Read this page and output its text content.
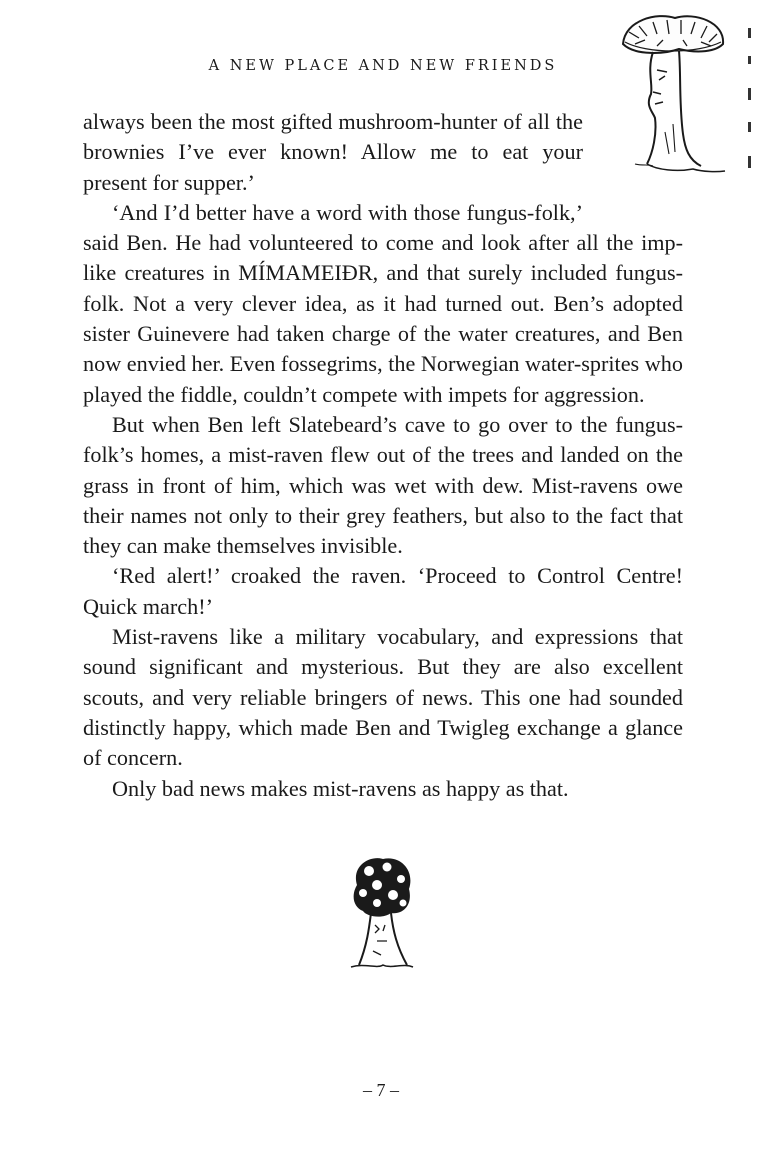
A NEW PLACE AND NEW FRIENDS

always been the most gifted mushroom-hunter of all the brownies I’ve ever known! Allow me to eat your present for supper.’

‘And I’d better have a word with those fungus-folk,’ said Ben. He had volunteered to come and look after all the imp-like creatures in MÍMAMEIÐR, and that surely included fungus-folk. Not a very clever idea, as it had turned out. Ben’s adopted sister Guinevere had taken charge of the water creatures, and Ben now envied her. Even fossegrims, the Norwegian water-sprites who played the fiddle, couldn’t compete with impets for aggression.

But when Ben left Slatebeard’s cave to go over to the fungus-folk’s homes, a mist-raven flew out of the trees and landed on the grass in front of him, which was wet with dew. Mist-ravens owe their names not only to their grey feathers, but also to the fact that they can make themselves invisible.

‘Red alert!’ croaked the raven. ‘Proceed to Control Centre! Quick march!’

Mist-ravens like a military vocabulary, and expressions that sound significant and mysterious. But they are also excellent scouts, and very reliable bringers of news. This one had sounded distinctly happy, which made Ben and Twigleg exchange a glance of concern.

Only bad news makes mist-ravens as happy as that.

– 7 –
